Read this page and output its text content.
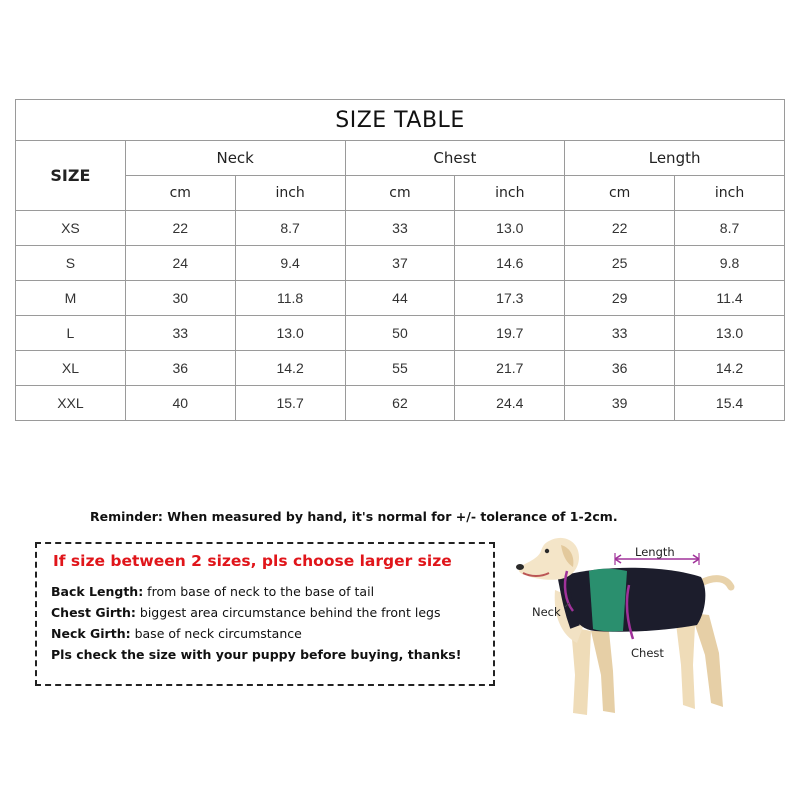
SIZE TABLE						
SIZE	Neck		Chest		Length	
	cm	inch	cm	inch	cm	inch
XS	22	8.7	33	13.0	22	8.7
S	24	9.4	37	14.6	25	9.8
M	30	11.8	44	17.3	29	11.4
L	33	13.0	50	19.7	33	13.0
XL	36	14.2	55	21.7	36	14.2
XXL	40	15.7	62	24.4	39	15.4
Reminder: When measured by hand, it's normal for +/- tolerance of 1-2cm.
If size between 2 sizes, pls choose larger size
Back Length: from base of neck to the base of tail
Chest Girth: biggest area circumstance behind the front legs
Neck Girth: base of neck circumstance
Pls check the size with your puppy before buying, thanks!
Length
Neck
Chest
